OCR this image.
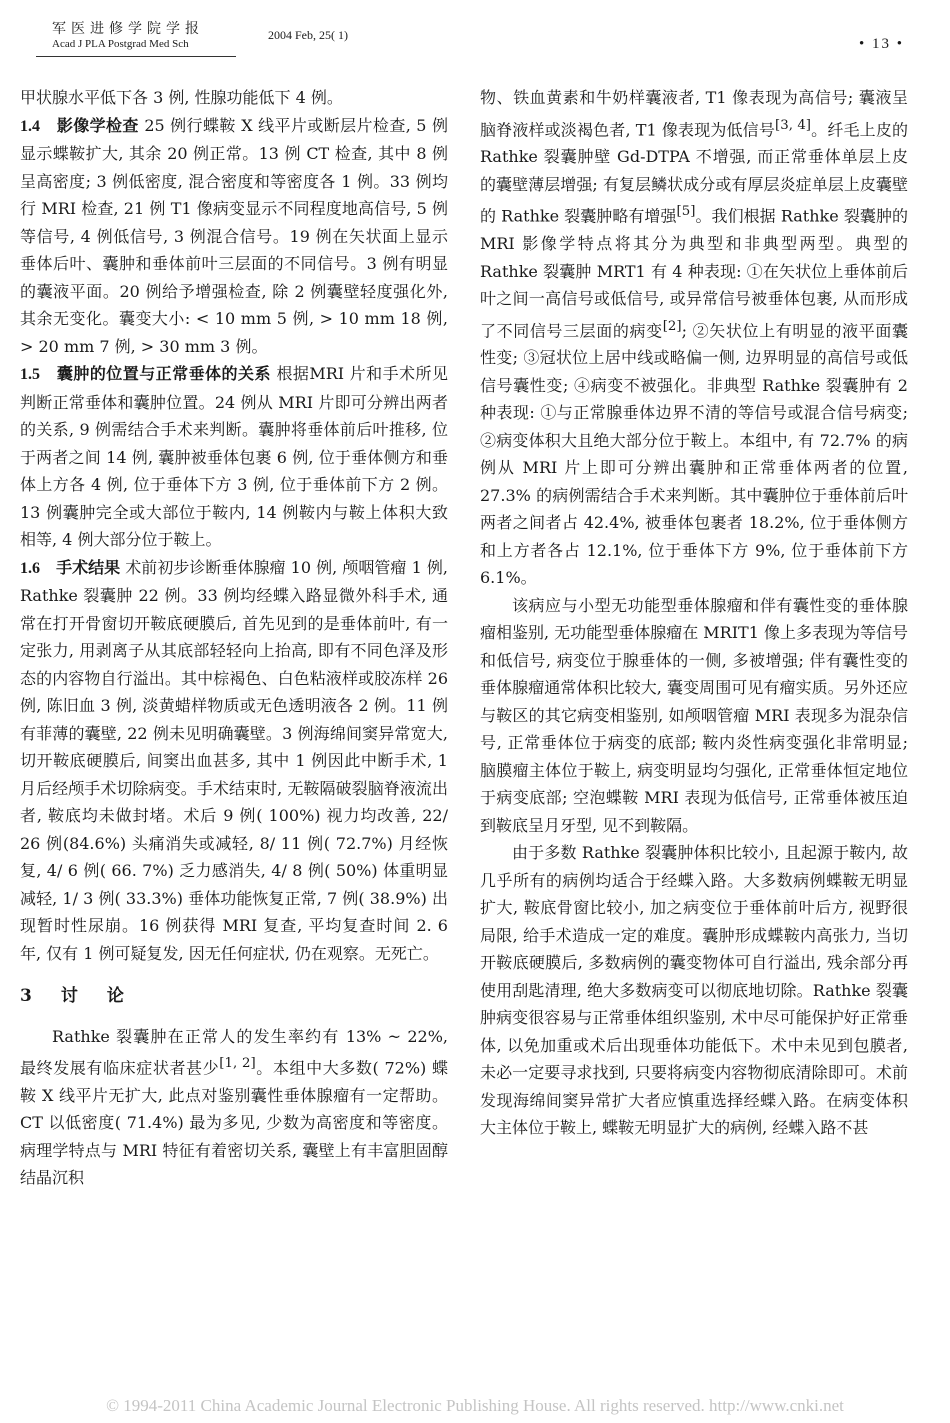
军医进修学院学报
Acad J PLA Postgrad Med Sch
2004 Feb, 25( 1)
• 13 •

甲状腺水平低下各 3 例, 性腺功能低下 4 例。

1.4　 影像学检查 25 例行蝶鞍 X 线平片或断层片检查, 5 例显示蝶鞍扩大, 其余 20 例正常。13 例 CT 检查, 其中 8 例呈高密度; 3 例低密度, 混合密度和等密度各 1 例。33 例均行 MRI 检查, 21 例 T1 像病变显示不同程度地高信号, 5 例等信号, 4 例低信号, 3 例混合信号。19 例在矢状面上显示垂体后叶、囊肿和垂体前叶三层面的不同信号。3 例有明显的囊液平面。20 例给予增强检查, 除 2 例囊壁轻度强化外, 其余无变化。囊变大小: < 10 mm 5 例, > 10 mm 18 例, > 20 mm 7 例, > 30 mm 3 例。

1.5　 囊肿的位置与正常垂体的关系 根据MRI 片和手术所见判断正常垂体和囊肿位置。24 例从 MRI 片即可分辨出两者的关系, 9 例需结合手术来判断。囊肿将垂体前后叶推移, 位于两者之间 14 例, 囊肿被垂体包裹 6 例, 位于垂体侧方和垂体上方各 4 例, 位于垂体下方 3 例, 位于垂体前下方 2 例。13 例囊肿完全或大部位于鞍内, 14 例鞍内与鞍上体积大致相等, 4 例大部分位于鞍上。

1.6　 手术结果 术前初步诊断垂体腺瘤 10 例, 颅咽管瘤 1 例, Rathke 裂囊肿 22 例。33 例均经蝶入路显微外科手术, 通常在打开骨窗切开鞍底硬膜后, 首先见到的是垂体前叶, 有一定张力, 用剥离子从其底部轻轻向上抬高, 即有不同色泽及形态的内容物自行溢出。其中棕褐色、白色粘液样或胶冻样 26 例, 陈旧血 3 例, 淡黄蜡样物质或无色透明液各 2 例。11 例有菲薄的囊壁, 22 例未见明确囊壁。3 例海绵间窦异常宽大, 切开鞍底硬膜后, 间窦出血甚多, 其中 1 例因此中断手术, 1 月后经颅手术切除病变。手术结束时, 无鞍隔破裂脑脊液流出者, 鞍底均未做封堵。术后 9 例( 100%) 视力均改善, 22/ 26 例(84.6%) 头痛消失或减轻, 8/ 11 例( 72.7%) 月经恢复, 4/ 6 例( 66. 7%) 乏力感消失, 4/ 8 例( 50%) 体重明显减轻, 1/ 3 例( 33.3%) 垂体功能恢复正常, 7 例( 38.9%) 出现暂时性尿崩。16 例获得 MRI 复查, 平均复查时间 2. 6 年, 仅有 1 例可疑复发, 因无任何症状, 仍在观察。无死亡。

3　讨　论

Rathke 裂囊肿在正常人的发生率约有 13% ~ 22%, 最终发展有临床症状者甚少[1, 2]。本组中大多数( 72%) 蝶鞍 X 线平片无扩大, 此点对鉴别囊性垂体腺瘤有一定帮助。CT 以低密度( 71.4%) 最为多见, 少数为高密度和等密度。病理学特点与 MRI 特征有着密切关系, 囊壁上有丰富胆固醇结晶沉积

物、铁血黄素和牛奶样囊液者, T1 像表现为高信号; 囊液呈脑脊液样或淡褐色者, T1 像表现为低信号[3, 4]。纤毛上皮的 Rathke 裂囊肿壁 Gd-DTPA 不增强, 而正常垂体单层上皮的囊壁薄层增强; 有复层鳞状成分或有厚层炎症单层上皮囊壁的 Rathke 裂囊肿略有增强[5]。我们根据 Rathke 裂囊肿的 MRI 影像学特点将其分为典型和非典型两型。典型的 Rathke 裂囊肿 MRT1 有 4 种表现: ①在矢状位上垂体前后叶之间一高信号或低信号, 或异常信号被垂体包裹, 从而形成了不同信号三层面的病变[2]; ②矢状位上有明显的液平面囊性变; ③冠状位上居中线或略偏一侧, 边界明显的高信号或低信号囊性变; ④病变不被强化。非典型 Rathke 裂囊肿有 2 种表现: ①与正常腺垂体边界不清的等信号或混合信号病变; ②病变体积大且绝大部分位于鞍上。本组中, 有 72.7% 的病例从 MRI 片上即可分辨出囊肿和正常垂体两者的位置, 27.3% 的病例需结合手术来判断。其中囊肿位于垂体前后叶两者之间者占 42.4%, 被垂体包裹者 18.2%, 位于垂体侧方和上方者各占 12.1%, 位于垂体下方 9%, 位于垂体前下方 6.1%。

该病应与小型无功能型垂体腺瘤和伴有囊性变的垂体腺瘤相鉴别, 无功能型垂体腺瘤在 MRIT1 像上多表现为等信号和低信号, 病变位于腺垂体的一侧, 多被增强; 伴有囊性变的垂体腺瘤通常体积比较大, 囊变周围可见有瘤实质。另外还应与鞍区的其它病变相鉴别, 如颅咽管瘤 MRI 表现多为混杂信号, 正常垂体位于病变的底部; 鞍内炎性病变强化非常明显; 脑膜瘤主体位于鞍上, 病变明显均匀强化, 正常垂体恒定地位于病变底部; 空泡蝶鞍 MRI 表现为低信号, 正常垂体被压迫到鞍底呈月牙型, 见不到鞍隔。

由于多数 Rathke 裂囊肿体积比较小, 且起源于鞍内, 故几乎所有的病例均适合于经蝶入路。大多数病例蝶鞍无明显扩大, 鞍底骨窗比较小, 加之病变位于垂体前叶后方, 视野很局限, 给手术造成一定的难度。囊肿形成蝶鞍内高张力, 当切开鞍底硬膜后, 多数病例的囊变物体可自行溢出, 残余部分再使用刮匙清理, 绝大多数病变可以彻底地切除。Rathke 裂囊肿病变很容易与正常垂体组织鉴别, 术中尽可能保护好正常垂体, 以免加重或术后出现垂体功能低下。术中未见到包膜者, 未必一定要寻求找到, 只要将病变内容物彻底清除即可。术前发现海绵间窦异常扩大者应慎重选择经蝶入路。在病变体积大主体位于鞍上, 蝶鞍无明显扩大的病例, 经蝶入路不甚

© 1994-2011 China Academic Journal Electronic Publishing House. All rights reserved. http://www.cnki.net
